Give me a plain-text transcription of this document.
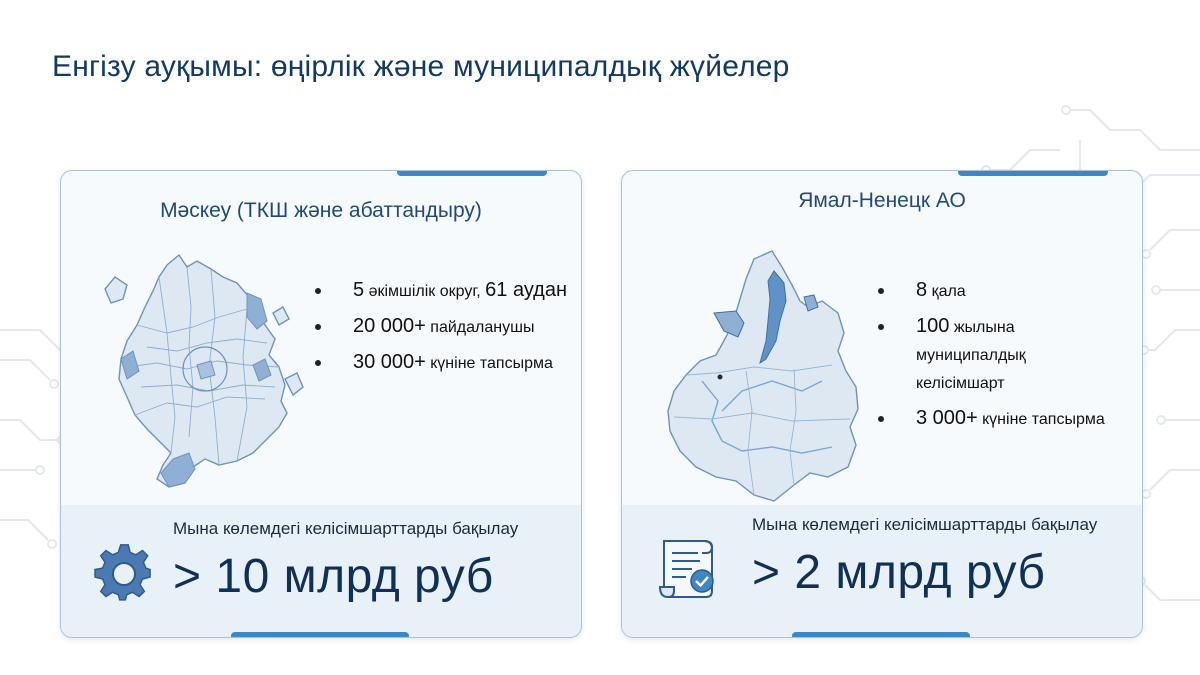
Енгізу ауқымы: өңірлік және муниципалдық жүйелер
Мәскеу (ТКШ және абаттандыру)
5 әкімшілік округ, 61 аудан
20 000+ пайдаланушы
30 000+ күніне тапсырма
Мына көлемдегі келісімшарттарды бақылау
> 10 млрд руб
Ямал-Ненецк АО
8 қала
100 жылына муниципалдық келісімшарт
3 000+ күніне тапсырма
Мына көлемдегі келісімшарттарды бақылау
> 2 млрд руб
